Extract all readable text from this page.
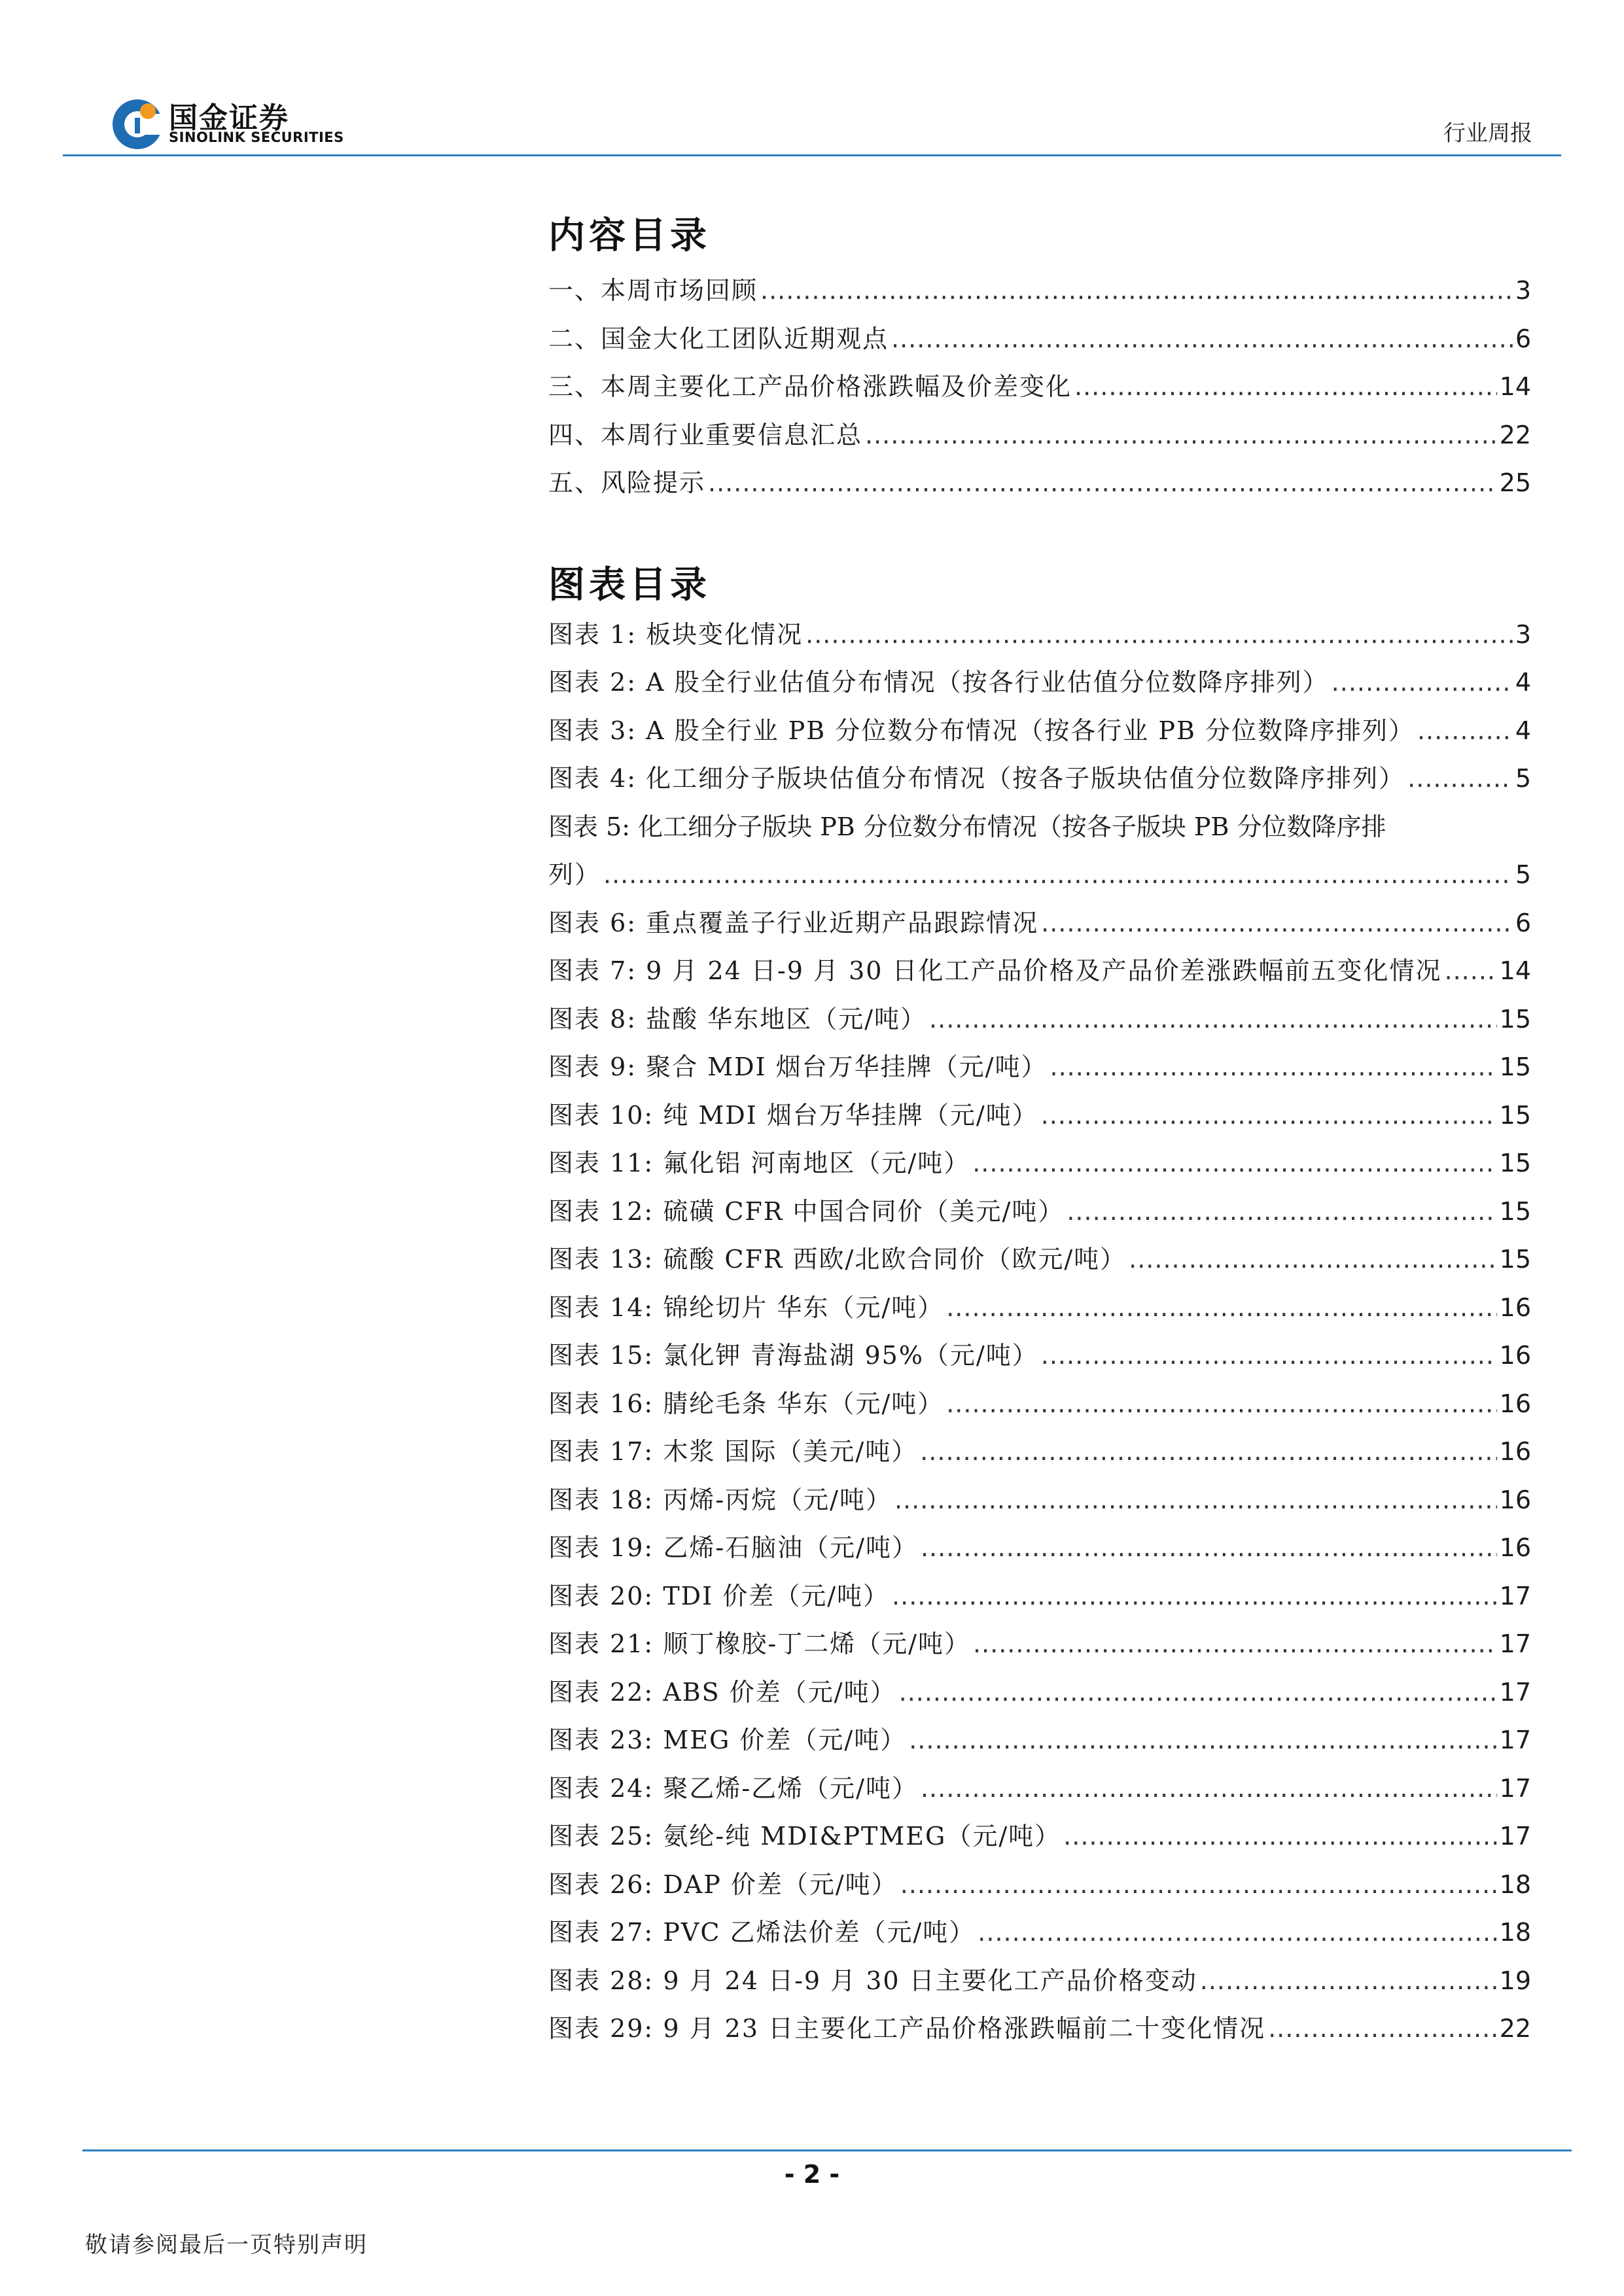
国金证券
SINOLINK SECURITIES	行业周报
内容目录
一、本周市场回顾 .....	3
二、国金大化工团队近期观点 .....	6
三、本周主要化工产品价格涨跌幅及价差变化 .....	14
四、本周行业重要信息汇总 .....	22
五、风险提示 .....	25
图表目录
图表 1: 板块变化情况 .....	3
图表 2: A 股全行业估值分布情况（按各行业估值分位数降序排列） .....	4
图表 3: A 股全行业 PB 分位数分布情况（按各行业 PB 分位数降序排列） .....	4
图表 4: 化工细分子版块估值分布情况（按各子版块估值分位数降序排列） .....	5
图表 5: 化工细分子版块 PB 分位数分布情况（按各子版块 PB 分位数降序排
列） .....	5
图表 6: 重点覆盖子行业近期产品跟踪情况 .....	6
图表 7: 9 月 24 日-9 月 30 日化工产品价格及产品价差涨跌幅前五变化情况 ..... 14
图表 8: 盐酸 华东地区（元/吨） .....	15
图表 9: 聚合 MDI 烟台万华挂牌（元/吨） .....	15
图表 10: 纯 MDI 烟台万华挂牌（元/吨） .....	15
图表 11: 氟化铝 河南地区（元/吨） .....	15
图表 12: 硫磺 CFR 中国合同价（美元/吨） .....	15
图表 13: 硫酸 CFR 西欧/北欧合同价（欧元/吨） .....	15
图表 14: 锦纶切片 华东（元/吨） .....	16
图表 15: 氯化钾 青海盐湖 95%（元/吨） .....	16
图表 16: 腈纶毛条 华东（元/吨） .....	16
图表 17: 木浆 国际（美元/吨） .....	16
图表 18: 丙烯-丙烷（元/吨） .....	16
图表 19: 乙烯-石脑油（元/吨） .....	16
图表 20: TDI 价差（元/吨） .....	17
图表 21: 顺丁橡胶-丁二烯（元/吨） .....	17
图表 22: ABS 价差（元/吨） .....	17
图表 23: MEG 价差（元/吨） .....	17
图表 24: 聚乙烯-乙烯（元/吨） .....	17
图表 25: 氨纶-纯 MDI&PTMEG（元/吨） .....	17
图表 26: DAP 价差（元/吨） .....	18
图表 27: PVC 乙烯法价差（元/吨） .....	18
图表 28: 9 月 24 日-9 月 30 日主要化工产品价格变动 .....	19
图表 29: 9 月 23 日主要化工产品价格涨跌幅前二十变化情况 .....	22
- 2 -
敬请参阅最后一页特别声明
